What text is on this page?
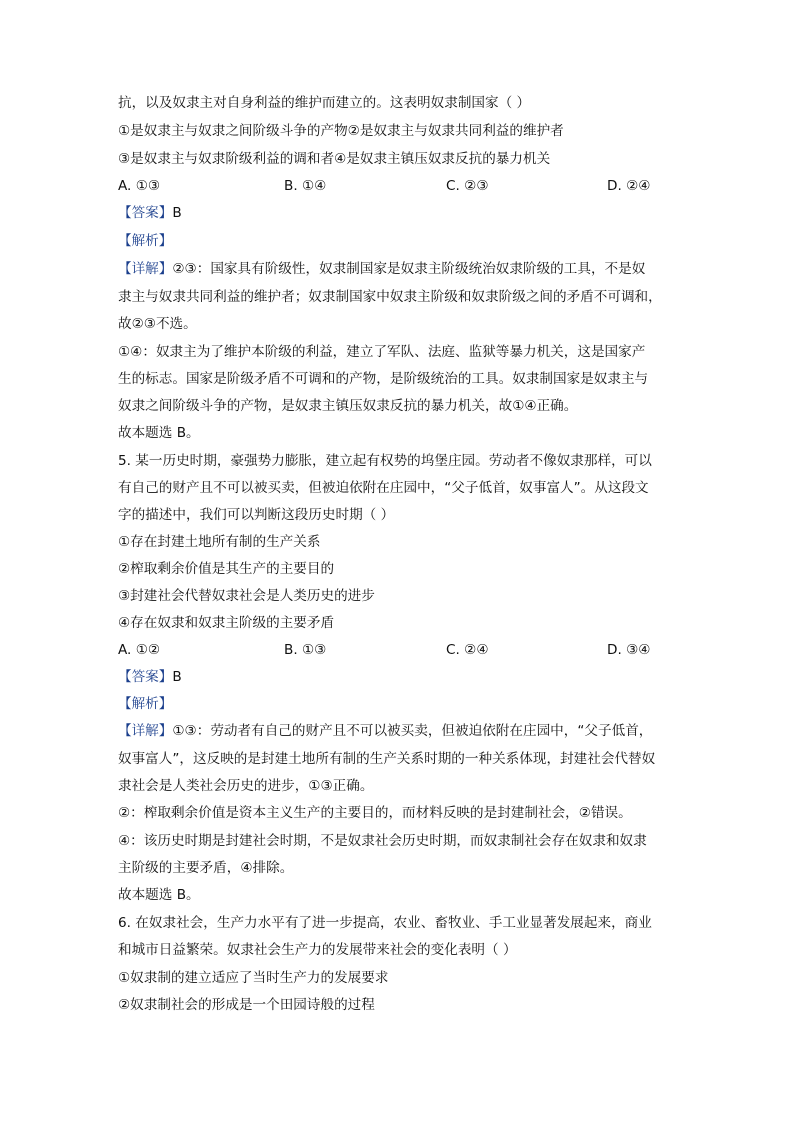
抗，以及奴隶主对自身利益的维护而建立的。这表明奴隶制国家（ ）
①是奴隶主与奴隶之间阶级斗争的产物②是奴隶主与奴隶共同利益的维护者
③是奴隶主与奴隶阶级利益的调和者④是奴隶主镇压奴隶反抗的暴力机关
A. ①③	B. ①④	C. ②③	D. ②④
【答案】B
【解析】
【详解】②③：国家具有阶级性，奴隶制国家是奴隶主阶级统治奴隶阶级的工具，不是奴
隶主与奴隶共同利益的维护者；奴隶制国家中奴隶主阶级和奴隶阶级之间的矛盾不可调和，
故②③不选。
①④：奴隶主为了维护本阶级的利益，建立了军队、法庭、监狱等暴力机关，这是国家产
生的标志。国家是阶级矛盾不可调和的产物，是阶级统治的工具。奴隶制国家是奴隶主与
奴隶之间阶级斗争的产物，是奴隶主镇压奴隶反抗的暴力机关，故①④正确。
故本题选 B。
5. 某一历史时期，豪强势力膨胀，建立起有权势的坞堡庄园。劳动者不像奴隶那样，可以
有自己的财产且不可以被买卖，但被迫依附在庄园中，“父子低首，奴事富人”。从这段文
字的描述中，我们可以判断这段历史时期（ ）
①存在封建土地所有制的生产关系
②榨取剩余价值是其生产的主要目的
③封建社会代替奴隶社会是人类历史的进步
④存在奴隶和奴隶主阶级的主要矛盾
A. ①②	B. ①③	C. ②④	D. ③④
【答案】B
【解析】
【详解】①③：劳动者有自己的财产且不可以被买卖，但被迫依附在庄园中，“父子低首，
奴事富人”，这反映的是封建土地所有制的生产关系时期的一种关系体现，封建社会代替奴
隶社会是人类社会历史的进步，①③正确。
②：榨取剩余价值是资本主义生产的主要目的，而材料反映的是封建制社会，②错误。
④：该历史时期是封建社会时期，不是奴隶社会历史时期，而奴隶制社会存在奴隶和奴隶
主阶级的主要矛盾，④排除。
故本题选 B。
6. 在奴隶社会，生产力水平有了进一步提高，农业、畜牧业、手工业显著发展起来，商业
和城市日益繁荣。奴隶社会生产力的发展带来社会的变化表明（ ）
①奴隶制的建立适应了当时生产力的发展要求
②奴隶制社会的形成是一个田园诗般的过程
